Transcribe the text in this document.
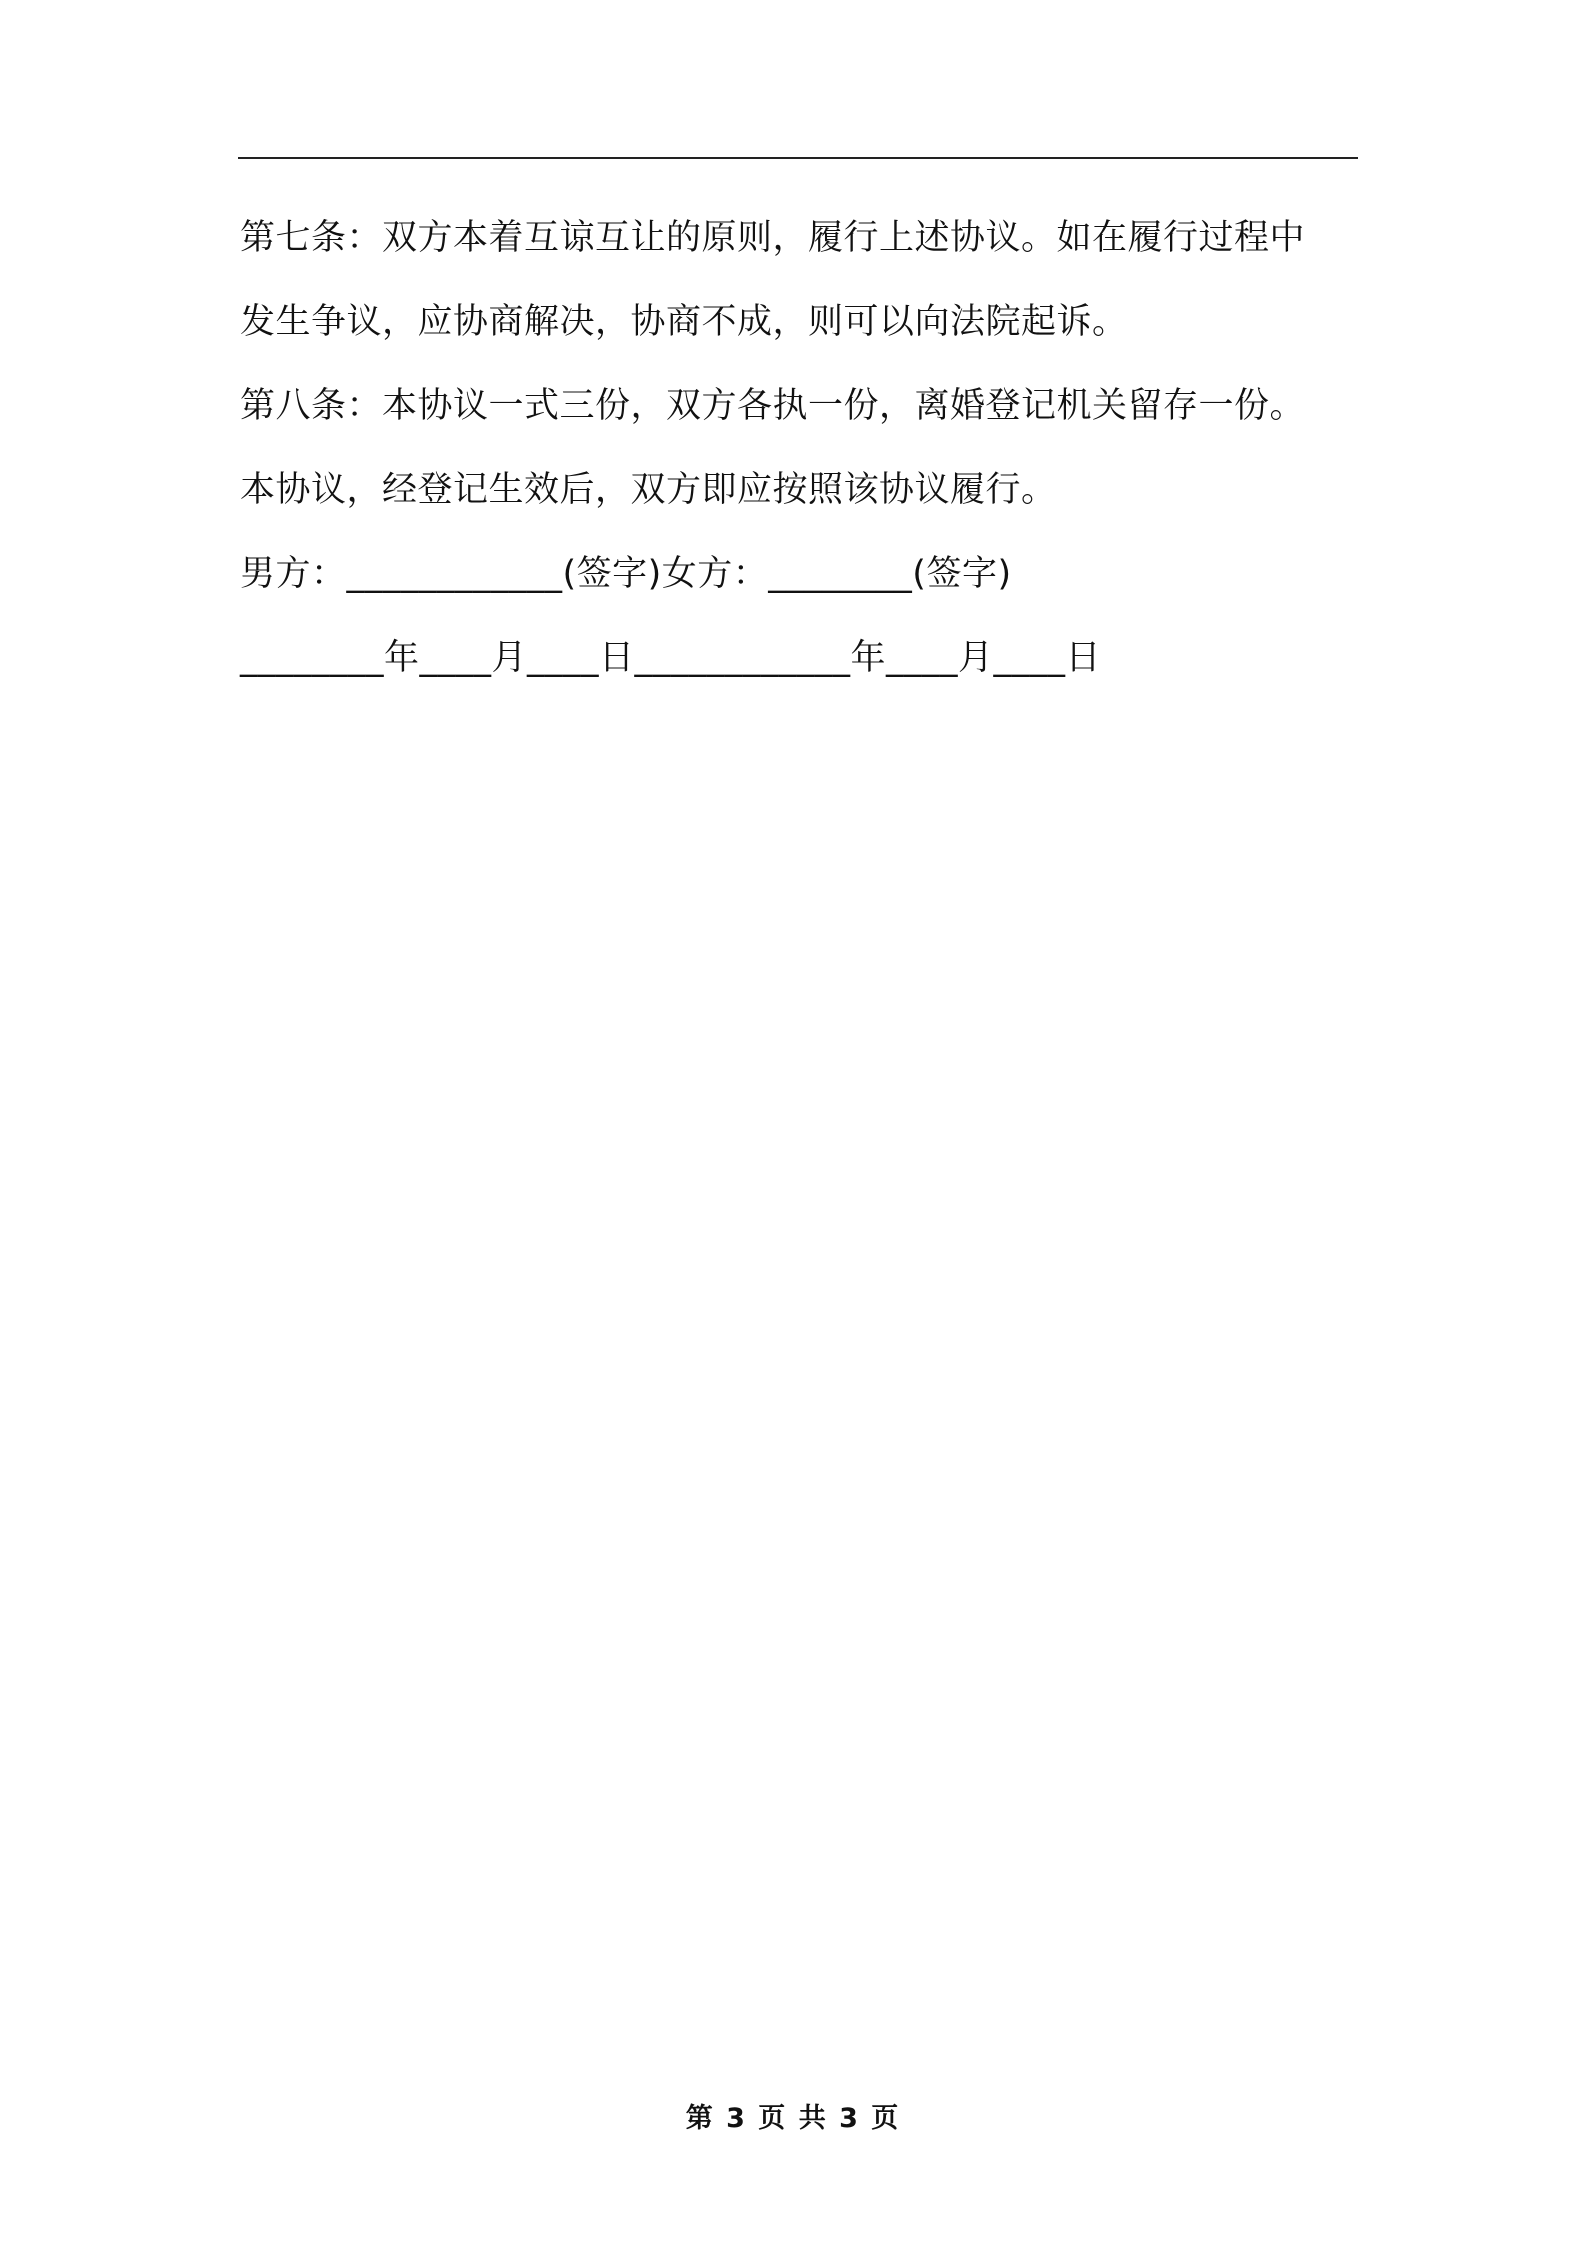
第七条：双方本着互谅互让的原则，履行上述协议。如在履行过程中
发生争议，应协商解决，协商不成，则可以向法院起诉。
第八条：本协议一式三份，双方各执一份，离婚登记机关留存一份。
本协议，经登记生效后，双方即应按照该协议履行。
男方：____________(签字)女方：________(签字)
________年____月____日____________年____月____日
第 3 页 共 3 页
